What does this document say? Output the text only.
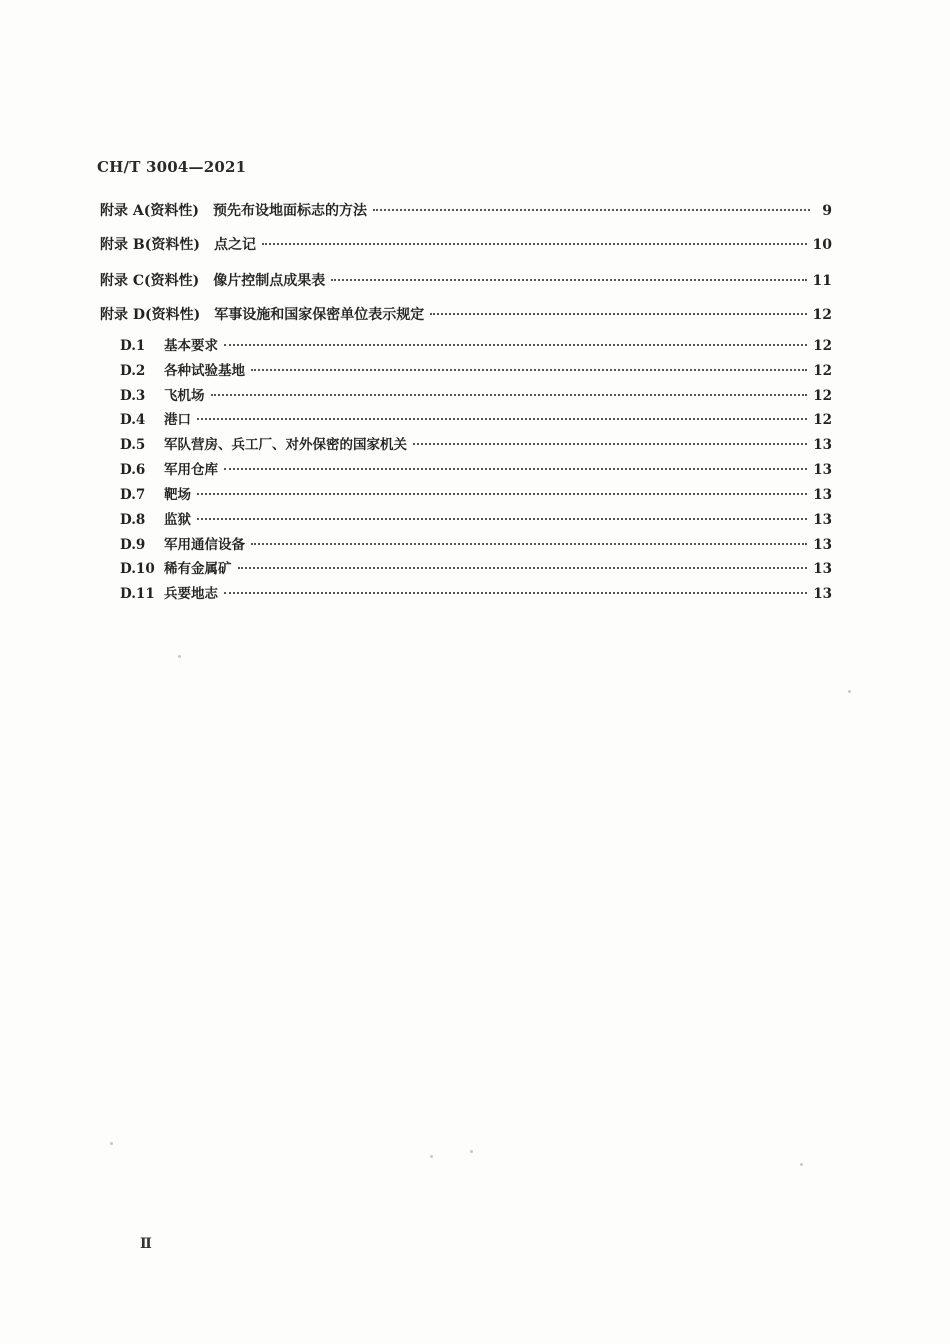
CH/T 3004—2021
附录 A(资料性) 预先布设地面标志的方法	9
附录 B(资料性) 点之记	10
附录 C(资料性) 像片控制点成果表	11
附录 D(资料性) 军事设施和国家保密单位表示规定	12
D.1	基本要求	12
D.2	各种试验基地	12
D.3	飞机场	12
D.4	港口	12
D.5	军队营房、兵工厂、对外保密的国家机关	13
D.6	军用仓库	13
D.7	靶场	13
D.8	监狱	13
D.9	军用通信设备	13
D.10 稀有金属矿	13
D.11 兵要地志	13
Ⅱ
